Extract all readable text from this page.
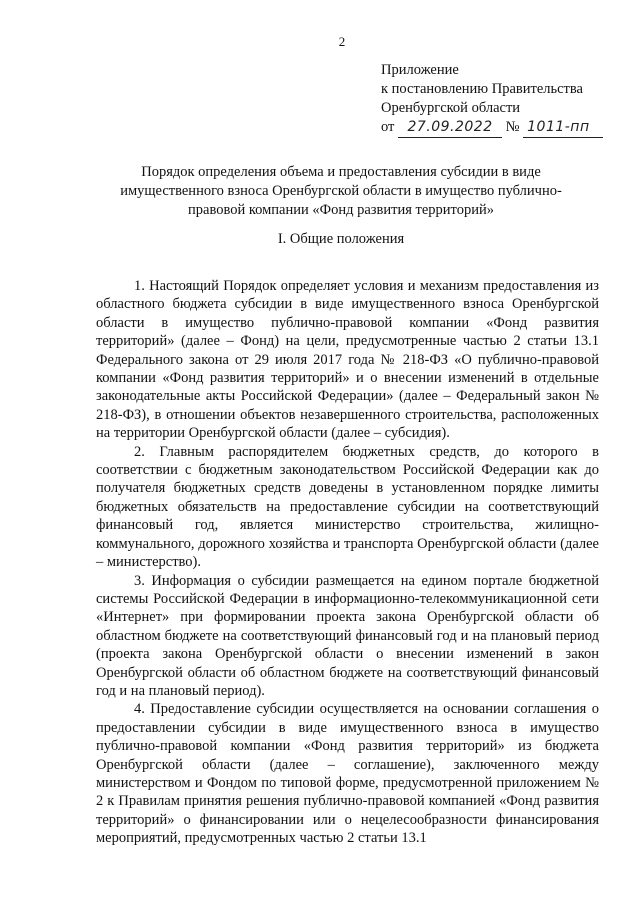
2
Приложение
к постановлению Правительства
Оренбургской области
от 27.09.2022 № 1011-пп
Порядок определения объема и предоставления субсидии в виде
имущественного взноса Оренбургской области в имущество публично-
правовой компании «Фонд развития территорий»
I. Общие положения

1. Настоящий Порядок определяет условия и механизм предоставления из областного бюджета субсидии в виде имущественного взноса Оренбургской области в имущество публично-правовой компании «Фонд развития территорий» (далее – Фонд) на цели, предусмотренные частью 2 статьи 13.1 Федерального закона от 29 июля 2017 года № 218-ФЗ «О публично-правовой компании «Фонд развития территорий» и о внесении изменений в отдельные законодательные акты Российской Федерации» (далее – Федеральный закон № 218-ФЗ), в отношении объектов незавершенного строительства, расположенных на территории Оренбургской области (далее – субсидия).

2. Главным распорядителем бюджетных средств, до которого в соответствии с бюджетным законодательством Российской Федерации как до получателя бюджетных средств доведены в установленном порядке лимиты бюджетных обязательств на предоставление субсидии на соответствующий финансовый год, является министерство строительства, жилищно-коммунального, дорожного хозяйства и транспорта Оренбургской области (далее – министерство).

3. Информация о субсидии размещается на едином портале бюджетной системы Российской Федерации в информационно-телекоммуникационной сети «Интернет» при формировании проекта закона Оренбургской области об областном бюджете на соответствующий финансовый год и на плановый период (проекта закона Оренбургской области о внесении изменений в закон Оренбургской области об областном бюджете на соответствующий финансовый год и на плановый период).

4. Предоставление субсидии осуществляется на основании соглашения о предоставлении субсидии в виде имущественного взноса в имущество публично-правовой компании «Фонд развития территорий» из бюджета Оренбургской области (далее – соглашение), заключенного между министерством и Фондом по типовой форме, предусмотренной приложением № 2 к Правилам принятия решения публично-правовой компанией «Фонд развития территорий» о финансировании или о нецелесообразности финансирования мероприятий, предусмотренных частью 2 статьи 13.1
